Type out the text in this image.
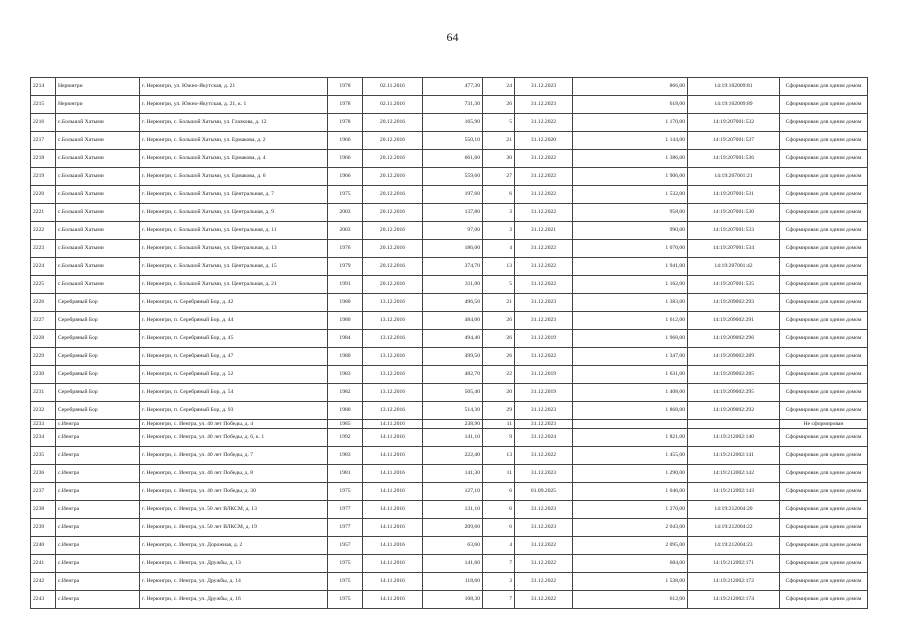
64
2214	Нерюнгри	г. Нерюнгри, ул. Южно-Якутская, д. 21	1978	02.11.2016	477,30	24	31.12.2023	866,00	14:19:102009:81	Сформирован для одним домом
2215	Нерюнгри	г. Нерюнгри, ул. Южно-Якутская, д. 21, к. 1	1978	02.11.2016	731,30	26	31.12.2023	618,00	14:19:102009:89	Сформирован для одним домом
2216	с.Большой Хатыми	г. Нерюнгри, с. Большой Хатыми, ул. Глазкова, д. 12	1978	20.12.2016	165,90	5	31.12.2022	1 170,00	14:19:207001:532	Сформирован для одним домом
2217	с.Большой Хатыми	г. Нерюнгри, с. Большой Хатыми, ул. Ермакова, д. 2	1966	20.12.2016	550,10	21	31.12.2020	1 144,00	14:19:207001:537	Сформирован для одним домом
2218	с.Большой Хатыми	г. Нерюнгри, с. Большой Хатыми, ул. Ермакова, д. 4	1966	20.12.2016	661,60	30	31.12.2022	1 386,00	14:19:207001:536	Сформирован для одним домом
2219	с.Большой Хатыми	г. Нерюнгри, с. Большой Хатыми, ул. Ермакова, д. 6	1966	20.12.2016	559,60	27	31.12.2022	1 906,00	14:19:207001:21	Сформирован для одним домом
2220	с.Большой Хатыми	г. Нерюнгри, с. Большой Хатыми, ул. Центральная, д. 7	1975	20.12.2016	197,60	6	31.12.2022	1 532,00	14:19:207001:531	Сформирован для одним домом
2221	с.Большой Хатыми	г. Нерюнгри, с. Большой Хатыми, ул. Центральная, д. 9	2003	20.12.2016	137,80	3	31.12.2022	958,00	14:19:207001:530	Сформирован для одним домом
2222	с.Большой Хатыми	г. Нерюнгри, с. Большой Хатыми, ул. Центральная, д. 11	2003	20.12.2016	97,00	3	31.12.2021	990,00	14:19:207001:533	Сформирован для одним домом
2223	с.Большой Хатыми	г. Нерюнгри, с. Большой Хатыми, ул. Центральная, д. 13	1976	20.12.2016	186,00	4	31.12.2022	1 070,00	14:19:207001:534	Сформирован для одним домом
2224	с.Большой Хатыми	г. Нерюнгри, с. Большой Хатыми, ул. Центральная, д. 15	1979	20.12.2016	374,70	13	31.12.2022	1 941,00	14:19:207001:42	Сформирован для одним домом
2225	с.Большой Хатыми	г. Нерюнгри, с. Большой Хатыми, ул. Центральная, д. 21	1991	20.12.2016	311,00	5	31.12.2022	1 162,00	14:19:207001:535	Сформирован для одним домом
2226	Серебряный Бор	г. Нерюнгри, п. Серебряный Бор, д. 42	1980	13.12.2016	496,50	21	31.12.2023	1 383,00	14:19:209002:293	Сформирован для одним домом
2227	Серебряный Бор	г. Нерюнгри, п. Серебряный Бор, д. 44	1980	13.12.2016	484,00	26	31.12.2023	1 612,00	14:19:209002:291	Сформирован для одним домом
2228	Серебряный Бор	г. Нерюнгри, п. Серебряный Бор, д. 45	1984	13.12.2016	494,40	26	31.12.2019	1 968,00	14:19:209002:296	Сформирован для одним домом
2229	Серебряный Бор	г. Нерюнгри, п. Серебряный Бор, д. 47	1980	13.12.2016	499,50	26	31.12.2022	1 347,00	14:19:209002:289	Сформирован для одним домом
2230	Серебряный Бор	г. Нерюнгри, п. Серебряный Бор, д. 52	1983	13.12.2016	482,70	22	31.12.2019	1 631,00	14:19:209002:285	Сформирован для одним домом
2231	Серебряный Бор	г. Нерюнгри, п. Серебряный Бор, д. 54	1982	13.12.2016	505,40	20	31.12.2019	1 408,00	14:19:209002:295	Сформирован для одним домом
2232	Серебряный Бор	г. Нерюнгри, п. Серебряный Бор, д. 93	1980	13.12.2016	514,30	29	31.12.2023	1 868,00	14:19:209002:292	Сформирован для одним домом
2233	с.Иенгра	г. Нерюнгри, с. Иенгра, ул. 40 лет Победы, д. 4	1985	14.11.2016	238,90	11	31.12.2023			Не сформирован
2234	с.Иенгра	г. Нерюнгри, с. Иенгра, ул. 40 лет Победы, д. 6, к. 1	1992	14.11.2016	141,10	9	31.12.2024	1 821,00	14:19:212002:140	Сформирован для одним домом
2235	с.Иенгра	г. Нерюнгри, с. Иенгра, ул. 40 лет Победы, д. 7	1983	14.11.2016	222,40	13	31.12.2022	1 455,00	14:19:212002:141	Сформирован для одним домом
2236	с.Иенгра	г. Нерюнгри, с. Иенгра, ул. 40 лет Победы, д. 8	1981	14.11.2016	141,30	11	31.12.2023	1 290,00	14:19:212002:142	Сформирован для одним домом
2237	с.Иенгра	г. Нерюнгри, с. Иенгра, ул. 40 лет Победы, д. 30	1975	14.11.2016	127,10	6	01.09.2025	1 046,00	14:19:212002:143	Сформирован для одним домом
2238	с.Иенгра	г. Нерюнгри, с. Иенгра, ул. 50 лет ВЛКСМ, д. 13	1977	14.11.2016	131,10	6	31.12.2023	1 270,00	14:19:212004:20	Сформирован для одним домом
2239	с.Иенгра	г. Нерюнгри, с. Иенгра, ул. 50 лет ВЛКСМ, д. 19	1977	14.11.2016	209,60	6	31.12.2023	2 043,00	14:19:212004:22	Сформирован для одним домом
2240	с.Иенгра	г. Нерюнгри, с. Иенгра, ул. Дорожная, д. 2	1957	14.11.2016	63,60	4	31.12.2022	2 095,00	14:19:212004:23	Сформирован для одним домом
2241	с.Иенгра	г. Нерюнгри, с. Иенгра, ул. Дружбы, д. 13	1975	14.11.2016	141,60	7	31.12.2022	684,00	14:19:212002:171	Сформирован для одним домом
2242	с.Иенгра	г. Нерюнгри, с. Иенгра, ул. Дружбы, д. 14	1975	14.11.2016	118,60	3	31.12.2022	1 538,00	14:19:212002:172	Сформирован для одним домом
2243	с.Иенгра	г. Нерюнгри, с. Иенгра, ул. Дружбы, д. 16	1975	14.11.2016	108,30	7	31.12.2022	612,00	14:19:212002:174	Сформирован для одним домом
